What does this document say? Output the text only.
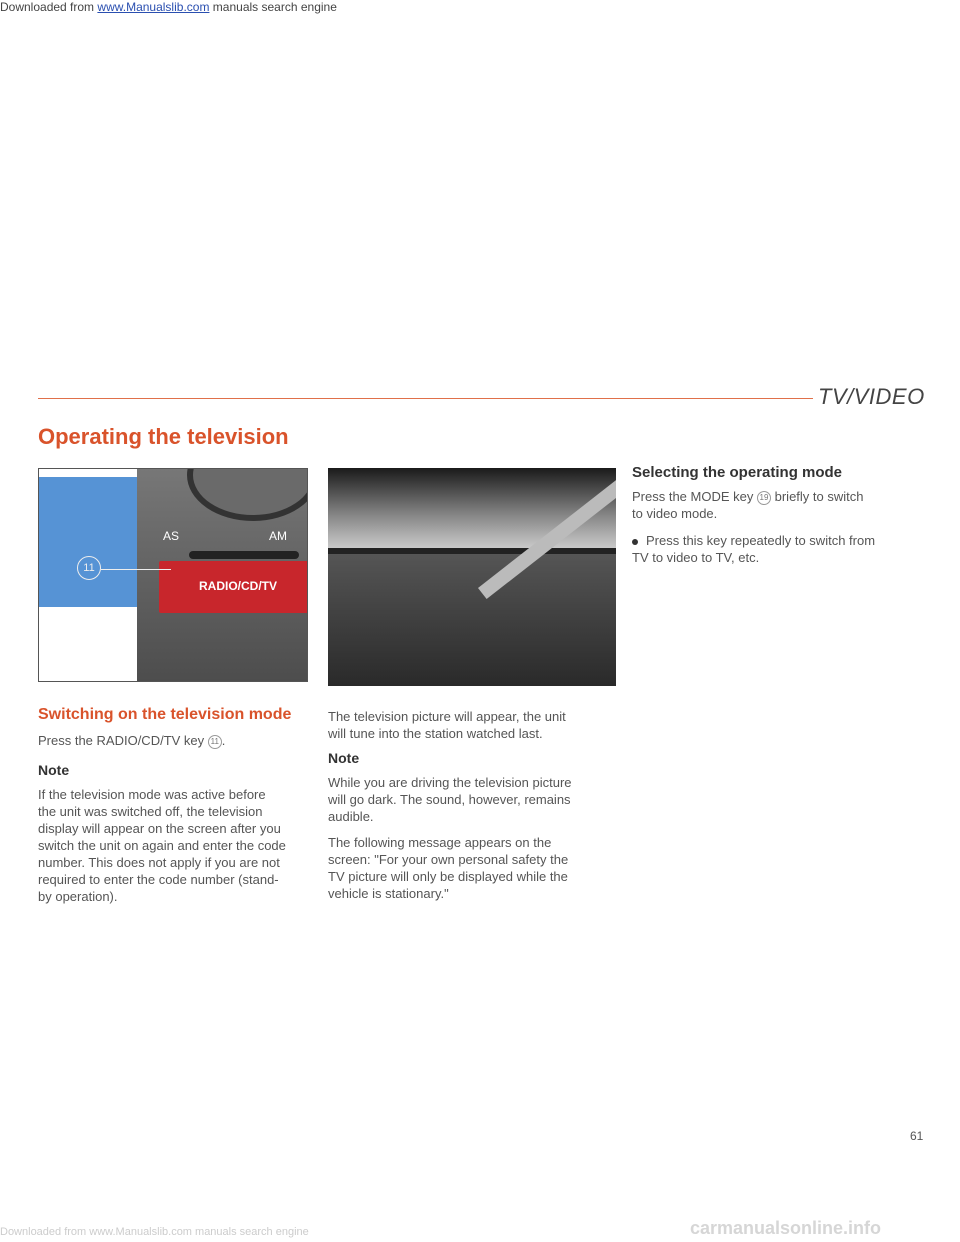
Downloaded from www.Manualslib.com manuals search engine
TV/VIDEO
Operating the television
AS	AM
RADIO/CD/TV
11
Switching on the television mode
Press the RADIO/CD/TV key 11 .
Note
If the television mode was active before
the unit was switched off, the television
display will appear on the screen after you
switch the unit on again and enter the code
number. This does not apply if you are not
required to enter the code number (stand-
by operation).
The television picture will appear, the unit
will tune into the station watched last.
Note
While you are driving the television picture
will go dark. The sound, however, remains
audible.
The following message appears on the
screen: "For your own personal safety the
TV picture will only be displayed while the
vehicle is stationary."
Selecting the operating mode
Press the MODE key 19 briefly to switch
to video mode.
Press this key repeatedly to switch from
TV to video to TV, etc.
61
Downloaded from www.Manualslib.com manuals search engine	carmanualsonline.info
